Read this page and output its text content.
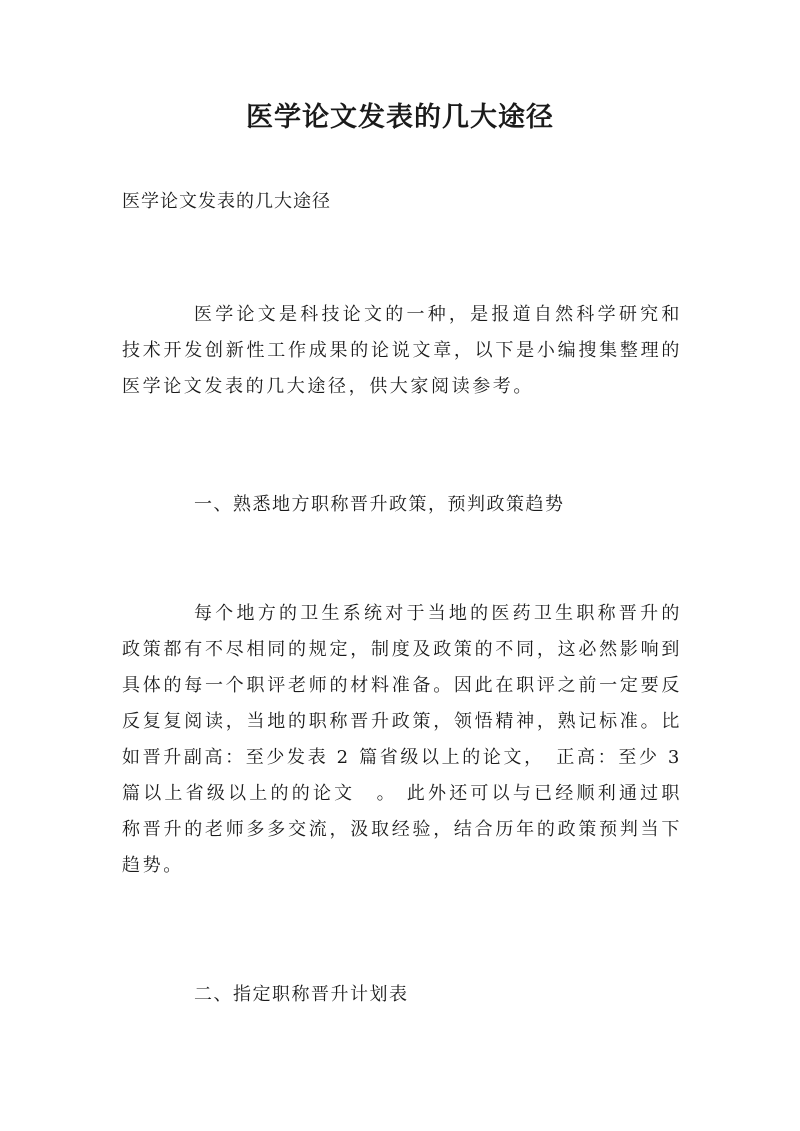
医学论文发表的几大途径
医学论文发表的几大途径
医学论文是科技论文的一种，是报道自然科学研究和技术开发创新性工作成果的论说文章，以下是小编搜集整理的医学论文发表的几大途径，供大家阅读参考。
一、熟悉地方职称晋升政策，预判政策趋势
每个地方的卫生系统对于当地的医药卫生职称晋升的政策都有不尽相同的规定，制度及政策的不同，这必然影响到具体的每一个职评老师的材料准备。因此在职评之前一定要反反复复阅读，当地的职称晋升政策，领悟精神，熟记标准。比如晋升副高：至少发表 2 篇省级以上的论文，　正高：至少 3 篇以上省级以上的的论文　。 此外还可以与已经顺利通过职称晋升的老师多多交流，汲取经验，结合历年的政策预判当下趋势。
二、指定职称晋升计划表
